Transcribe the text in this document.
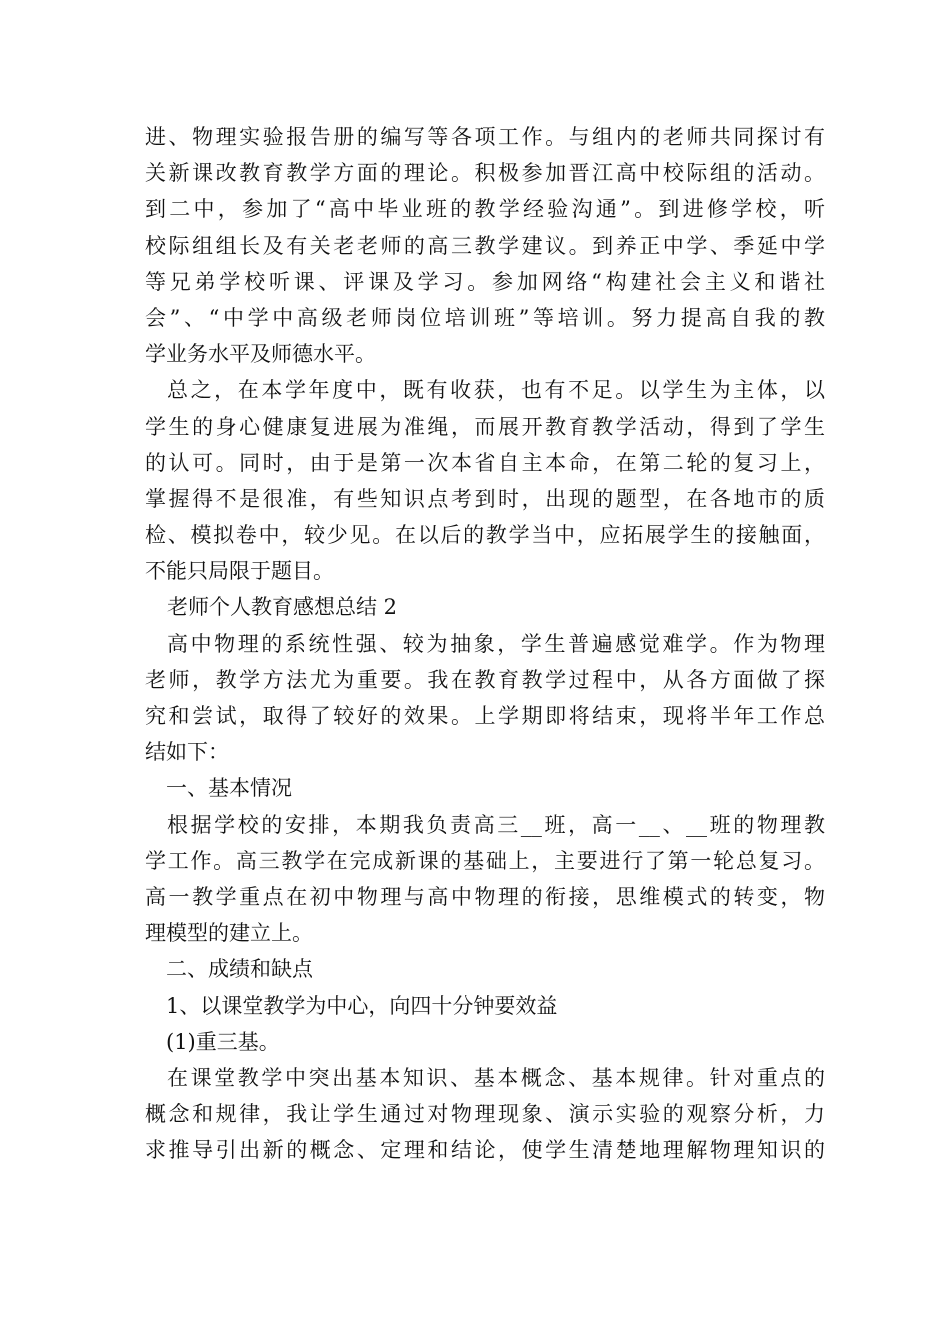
进、物理实验报告册的编写等各项工作。与组内的老师共同探讨有
关新课改教育教学方面的理论。积极参加晋江高中校际组的活动。
到二中，参加了“高中毕业班的教学经验沟通”。到进修学校，听
校际组组长及有关老老师的高三教学建议。到养正中学、季延中学
等兄弟学校听课、评课及学习。参加网络“构建社会主义和谐社
会”、“中学中高级老师岗位培训班”等培训。努力提高自我的教
学业务水平及师德水平。
总之，在本学年度中，既有收获，也有不足。以学生为主体，以
学生的身心健康复进展为准绳，而展开教育教学活动，得到了学生
的认可。同时，由于是第一次本省自主本命，在第二轮的复习上，
掌握得不是很准，有些知识点考到时，出现的题型，在各地市的质
检、模拟卷中，较少见。在以后的教学当中，应拓展学生的接触面，
不能只局限于题目。
老师个人教育感想总结 2
高中物理的系统性强、较为抽象，学生普遍感觉难学。作为物理
老师，教学方法尤为重要。我在教育教学过程中，从各方面做了探
究和尝试，取得了较好的效果。上学期即将结束，现将半年工作总
结如下：
一、基本情况
根据学校的安排，本期我负责高三__班，高一__、__班的物理教
学工作。高三教学在完成新课的基础上，主要进行了第一轮总复习。
高一教学重点在初中物理与高中物理的衔接，思维模式的转变，物
理模型的建立上。
二、成绩和缺点
1、以课堂教学为中心，向四十分钟要效益
(1)重三基。
在课堂教学中突出基本知识、基本概念、基本规律。针对重点的
概念和规律，我让学生通过对物理现象、演示实验的观察分析，力
求推导引出新的概念、定理和结论，使学生清楚地理解物理知识的
